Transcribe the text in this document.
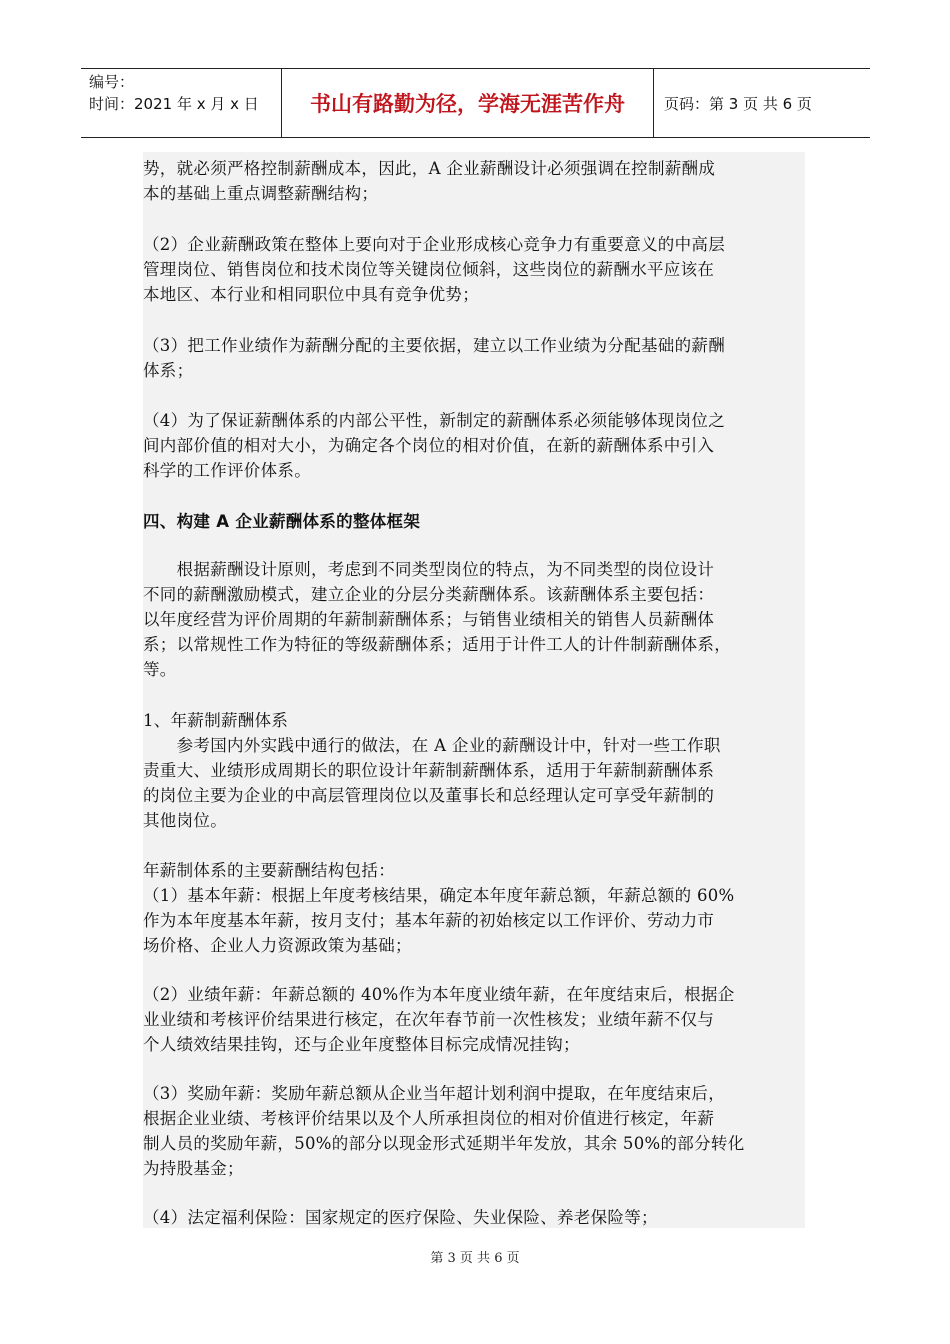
编号：
时间：2021 年 x 月 x 日	书山有路勤为径，学海无涯苦作舟	页码：第 3 页 共 6 页
势，就必须严格控制薪酬成本，因此，A 企业薪酬设计必须强调在控制薪酬成
本的基础上重点调整薪酬结构；
（2）企业薪酬政策在整体上要向对于企业形成核心竞争力有重要意义的中高层
管理岗位、销售岗位和技术岗位等关键岗位倾斜，这些岗位的薪酬水平应该在
本地区、本行业和相同职位中具有竞争优势；
（3）把工作业绩作为薪酬分配的主要依据，建立以工作业绩为分配基础的薪酬
体系；
（4）为了保证薪酬体系的内部公平性，新制定的薪酬体系必须能够体现岗位之
间内部价值的相对大小，为确定各个岗位的相对价值，在新的薪酬体系中引入
科学的工作评价体系。
四、构建 A 企业薪酬体系的整体框架
　　根据薪酬设计原则，考虑到不同类型岗位的特点，为不同类型的岗位设计
不同的薪酬激励模式，建立企业的分层分类薪酬体系。该薪酬体系主要包括：
以年度经营为评价周期的年薪制薪酬体系；与销售业绩相关的销售人员薪酬体
系；以常规性工作为特征的等级薪酬体系；适用于计件工人的计件制薪酬体系，
等。
1、年薪制薪酬体系
　　参考国内外实践中通行的做法，在 A 企业的薪酬设计中，针对一些工作职
责重大、业绩形成周期长的职位设计年薪制薪酬体系，适用于年薪制薪酬体系
的岗位主要为企业的中高层管理岗位以及董事长和总经理认定可享受年薪制的
其他岗位。
年薪制体系的主要薪酬结构包括：
（1）基本年薪：根据上年度考核结果，确定本年度年薪总额，年薪总额的 60%
作为本年度基本年薪，按月支付；基本年薪的初始核定以工作评价、劳动力市
场价格、企业人力资源政策为基础；
（2）业绩年薪：年薪总额的 40%作为本年度业绩年薪，在年度结束后，根据企
业业绩和考核评价结果进行核定，在次年春节前一次性核发；业绩年薪不仅与
个人绩效结果挂钩，还与企业年度整体目标完成情况挂钩；
（3）奖励年薪：奖励年薪总额从企业当年超计划利润中提取，在年度结束后，
根据企业业绩、考核评价结果以及个人所承担岗位的相对价值进行核定，年薪
制人员的奖励年薪，50%的部分以现金形式延期半年发放，其余 50%的部分转化
为持股基金；
（4）法定福利保险：国家规定的医疗保险、失业保险、养老保险等；
第 3 页 共 6 页
